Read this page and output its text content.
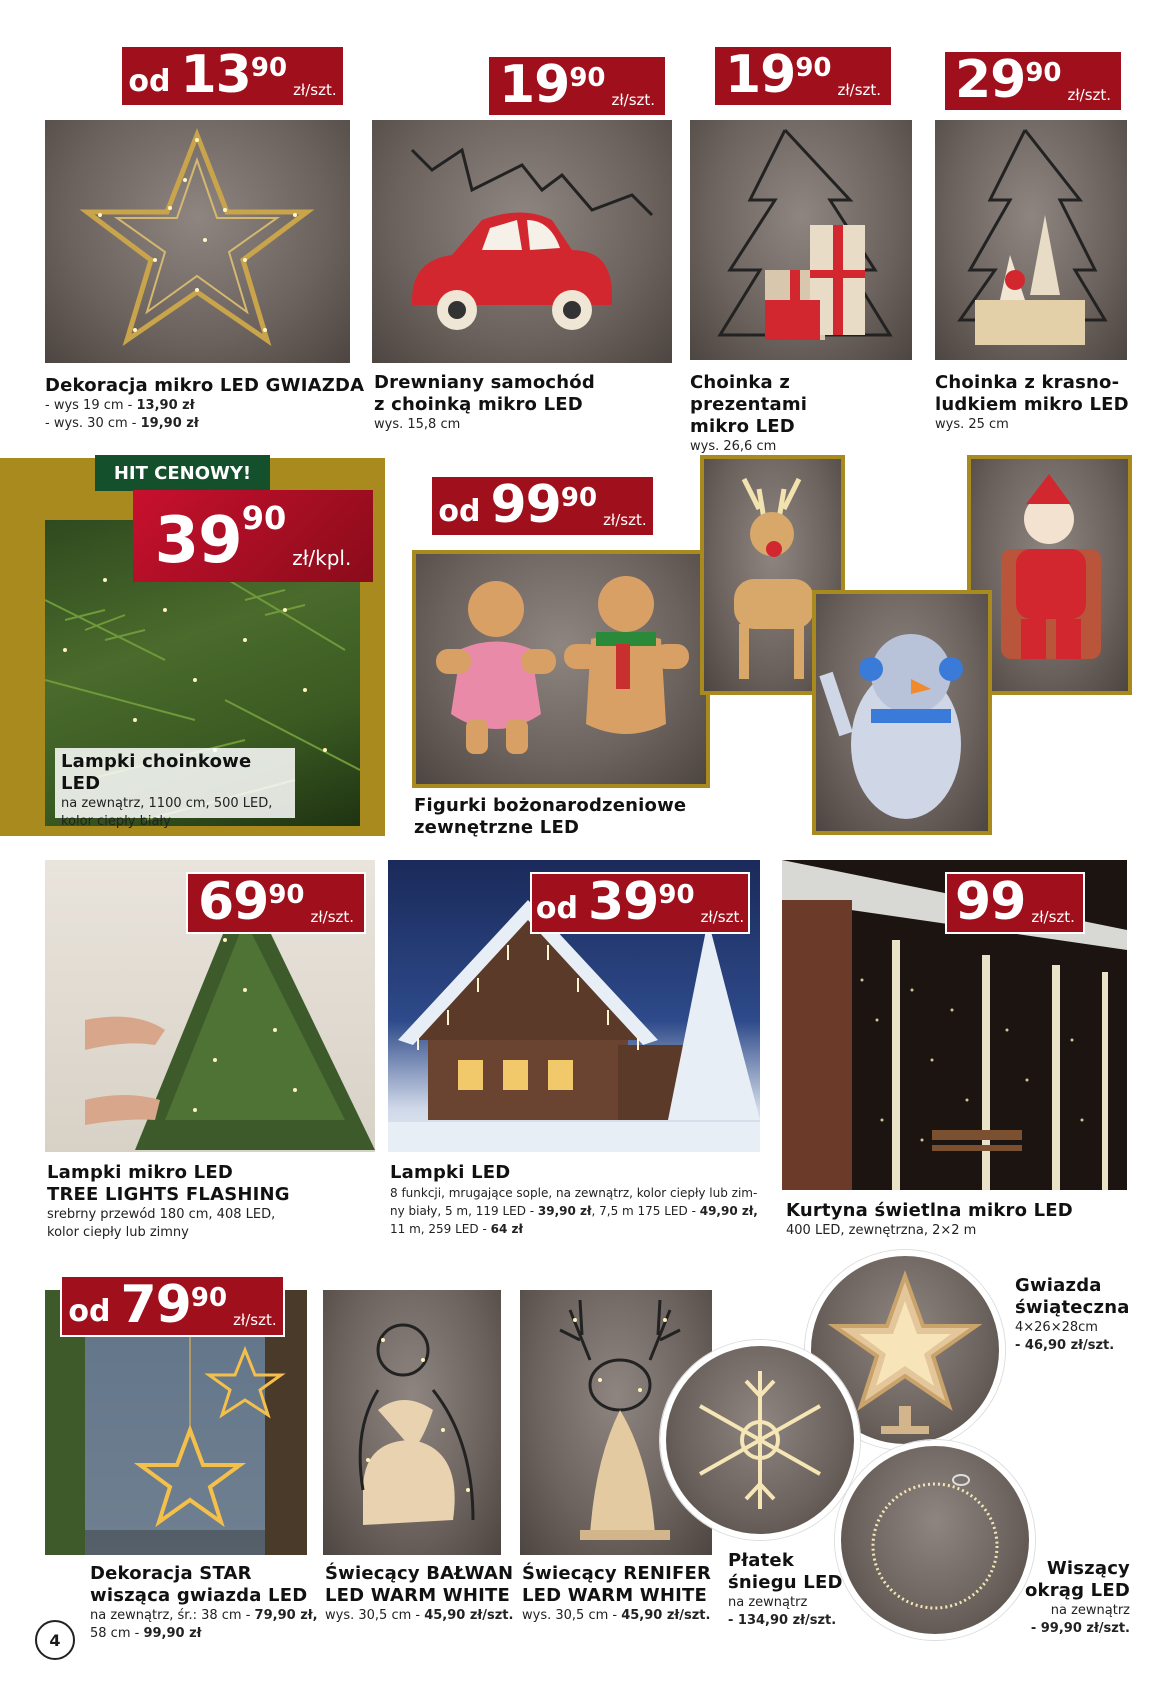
od 13 90
zł/szt.
Dekoracja mikro LED GWIAZDA
- wys 19 cm - 13,90 zł
- wys. 30 cm - 19,90 zł
19 90
zł/szt.
Drewniany samochód
z choinką mikro LED
wys. 15,8 cm
19 90
zł/szt.
Choinka z prezentami
mikro LED
wys. 26,6 cm
29 90
zł/szt.
Choinka z krasno-
ludkiem mikro LED
wys. 25 cm
HIT CENOWY!
39 90
zł/kpl.
Lampki choinkowe LED
na zewnątrz, 1100 cm, 500 LED,
kolor ciepły biały
od 99 90
zł/szt.
Figurki bożonarodzeniowe
zewnętrzne LED
69 90
zł/szt.
Lampki mikro LED
TREE LIGHTS FLASHING
srebrny przewód 180 cm, 408 LED,
kolor ciepły lub zimny
od 39 90
zł/szt.
Lampki LED
8 funkcji, mrugające sople, na zewnątrz, kolor ciepły lub zim-
ny biały, 5 m, 119 LED - 39,90 zł, 7,5 m 175 LED - 49,90 zł,
11 m, 259 LED - 64 zł
99 zł/szt.
Kurtyna świetlna mikro LED
400 LED, zewnętrzna, 2×2 m
od 79 90
zł/szt.
Dekoracja STAR
wisząca gwiazda LED
na zewnątrz, śr.: 38 cm - 79,90 zł,
58 cm - 99,90 zł
Świecący BAŁWAN
LED WARM WHITE
wys. 30,5 cm - 45,90 zł/szt.
Świecący RENIFER
LED WARM WHITE
wys. 30,5 cm - 45,90 zł/szt.
Gwiazda
świąteczna
4×26×28cm
- 46,90 zł/szt.
Płatek
śniegu LED
na zewnątrz
- 134,90 zł/szt.
Wiszący
okrąg LED
na zewnątrz
- 99,90 zł/szt.
4
